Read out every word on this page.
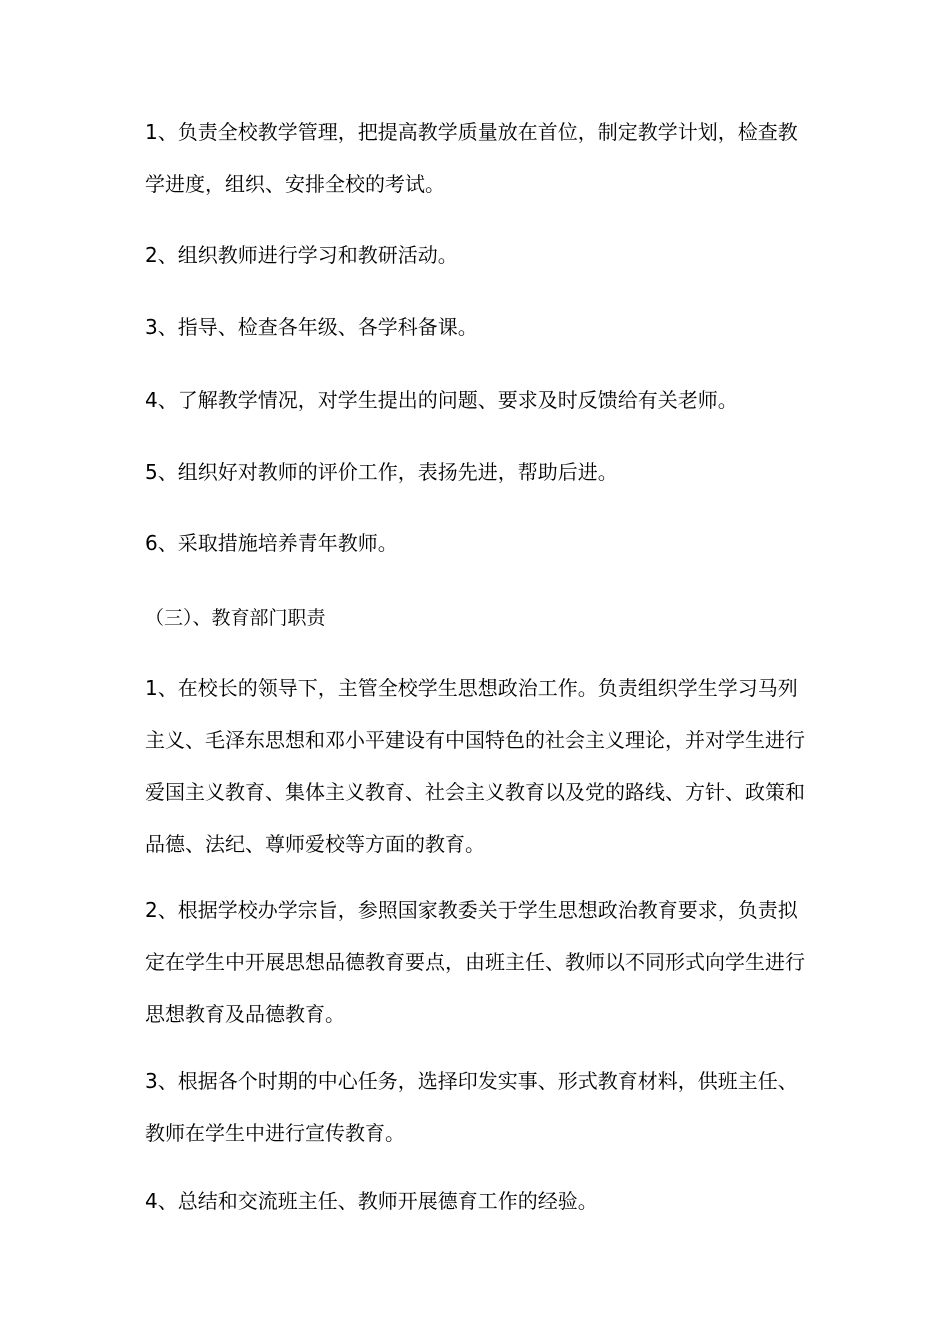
1、负责全校教学管理，把提高教学质量放在首位，制定教学计划，检查教学进度，组织、安排全校的考试。

2、组织教师进行学习和教研活动。

3、指导、检查各年级、各学科备课。

4、了解教学情况，对学生提出的问题、要求及时反馈给有关老师。

5、组织好对教师的评价工作，表扬先进，帮助后进。

6、采取措施培养青年教师。

（三）、教育部门职责

1、在校长的领导下，主管全校学生思想政治工作。负责组织学生学习马列主义、毛泽东思想和邓小平建设有中国特色的社会主义理论，并对学生进行爱国主义教育、集体主义教育、社会主义教育以及党的路线、方针、政策和品德、法纪、尊师爱校等方面的教育。

2、根据学校办学宗旨，参照国家教委关于学生思想政治教育要求，负责拟定在学生中开展思想品德教育要点，由班主任、教师以不同形式向学生进行思想教育及品德教育。

3、根据各个时期的中心任务，选择印发实事、形式教育材料，供班主任、教师在学生中进行宣传教育。

4、总结和交流班主任、教师开展德育工作的经验。
